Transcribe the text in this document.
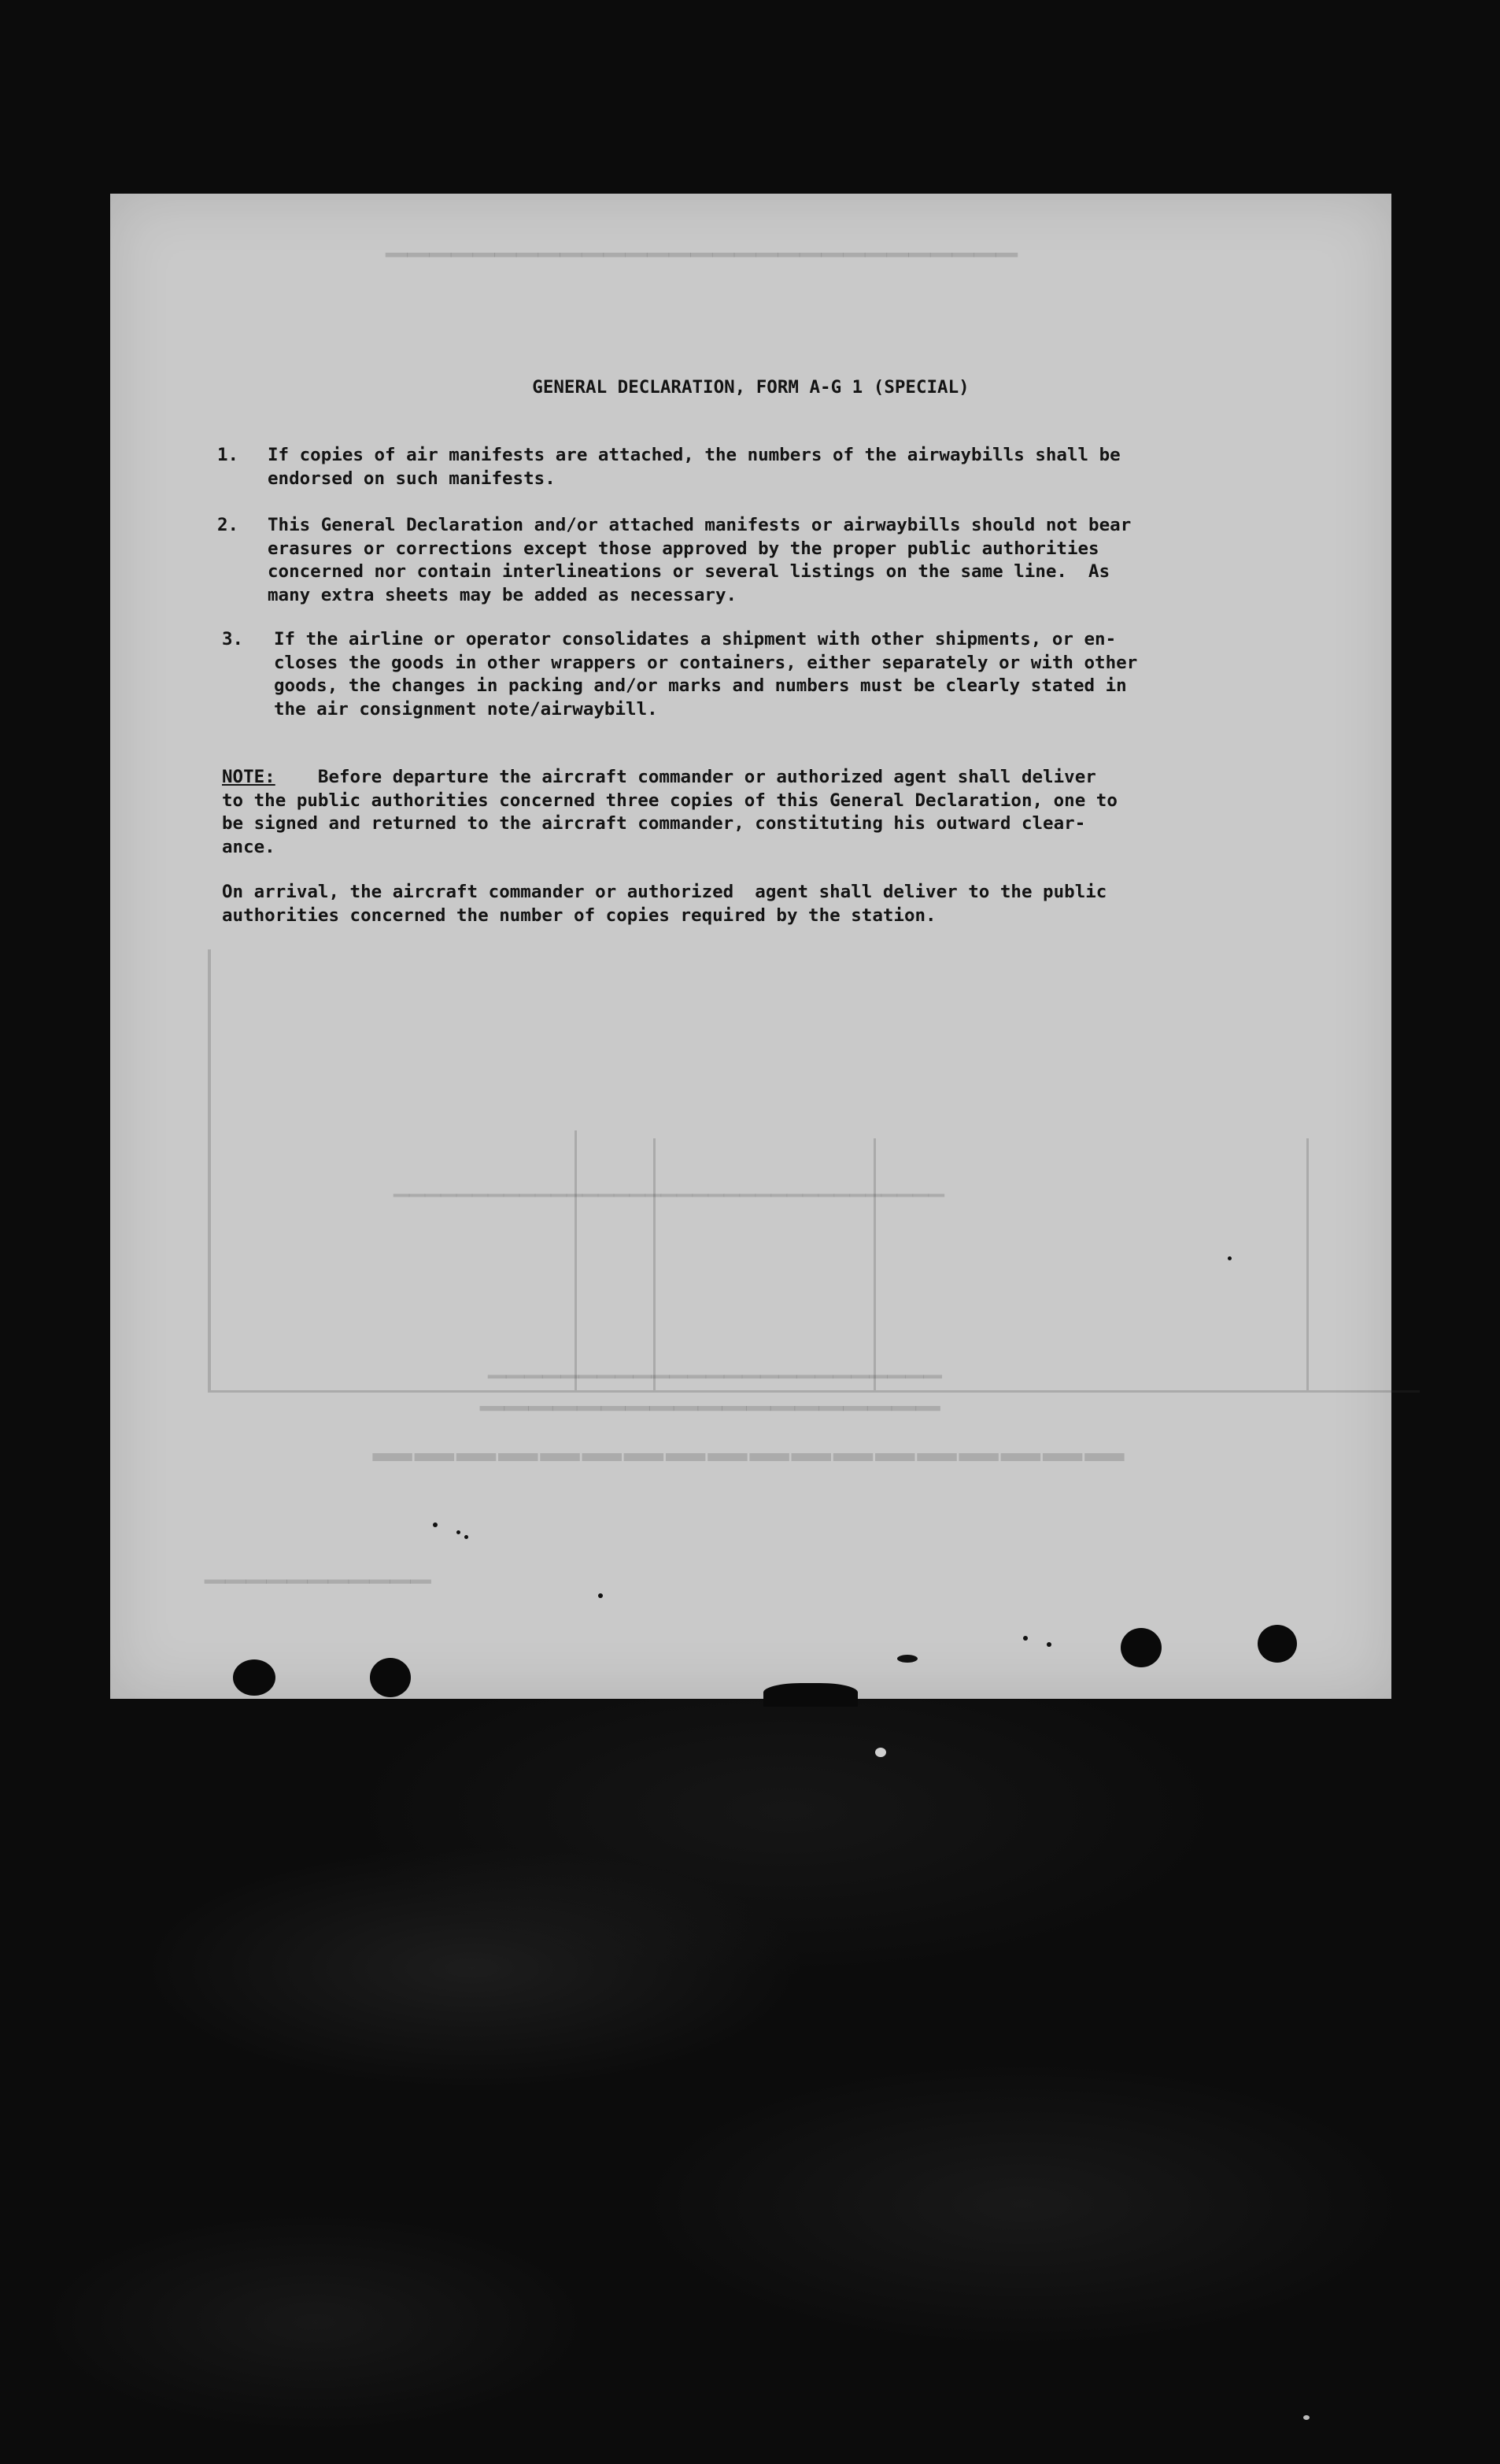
▁▁▁▁▁▁▁▁▁▁▁▁▁▁▁▁▁▁
▁▁▁▁▁▁▁▁▁▁▁▁▁▁▁▁▁▁▁
▁▁▁▁▁▁▁▁▁▁▁▁▁▁▁▁▁▁▁▁▁▁▁▁▁
▁▁▁▁▁▁▁▁▁▁▁▁▁▁▁▁▁▁▁▁▁▁▁▁▁▁▁▁▁
▁▁▁▁▁▁▁▁▁▁▁▁▁▁▁▁▁▁▁▁▁▁▁▁▁▁▁▁▁▁▁▁▁▁▁
▁▁▁▁▁▁▁▁▁▁▁
GENERAL DECLARATION, FORM A-G 1 (SPECIAL)
1. If copies of air manifests are attached, the numbers of the airwaybills shall be
endorsed on such manifests.
2. This General Declaration and/or attached manifests or airwaybills should not bear
erasures or corrections except those approved by the proper public authorities
concerned nor contain interlineations or several listings on the same line.  As
many extra sheets may be added as necessary.
3. If the airline or operator consolidates a shipment with other shipments, or en-
closes the goods in other wrappers or containers, either separately or with other
goods, the changes in packing and/or marks and numbers must be clearly stated in
the air consignment note/airwaybill.
NOTE: Before departure the aircraft commander or authorized agent shall deliver
to the public authorities concerned three copies of this General Declaration, one to
be signed and returned to the aircraft commander, constituting his outward clear-
ance.
On arrival, the aircraft commander or authorized  agent shall deliver to the public
authorities concerned the number of copies required by the station.
